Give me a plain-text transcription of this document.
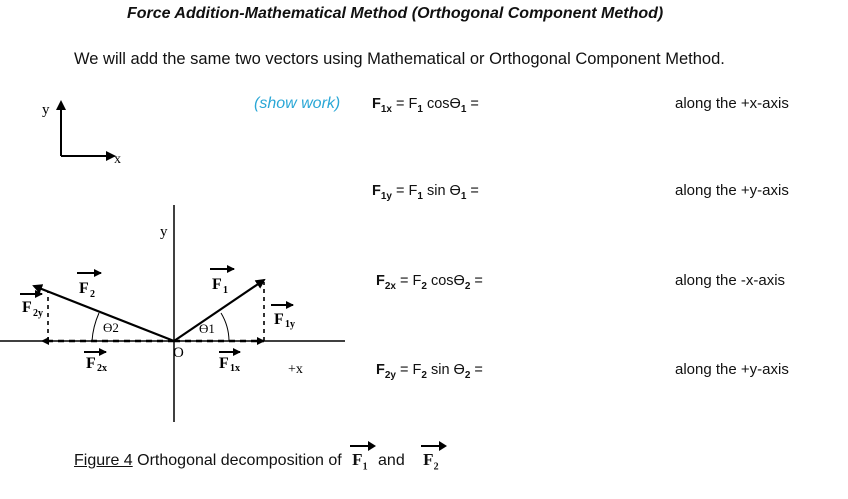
Force Addition-Mathematical Method (Orthogonal Component Method)
We will add the same two vectors using Mathematical or Orthogonal Component Method.
(show work) $F_{1x} = F_1$ cosϴ$_1$ =	along the +x-axis
$F_{1y} = F_1$ $\sin ϴ_1$ =	along the +y-axis
$F_{2x} = F_2$ cosϴ$_2$ =	along the -x-axis
$F_{2y} = F_2$ $\sin ϴ_2$ =	along the +y-axis
y
x
y
+x
O
ϴ2	ϴ1
F 1
F 2
F 1y
F 1x
F 2x
F 2y
Figure 4 Orthogonal decomposition of
$F_1$ and $F_2$
